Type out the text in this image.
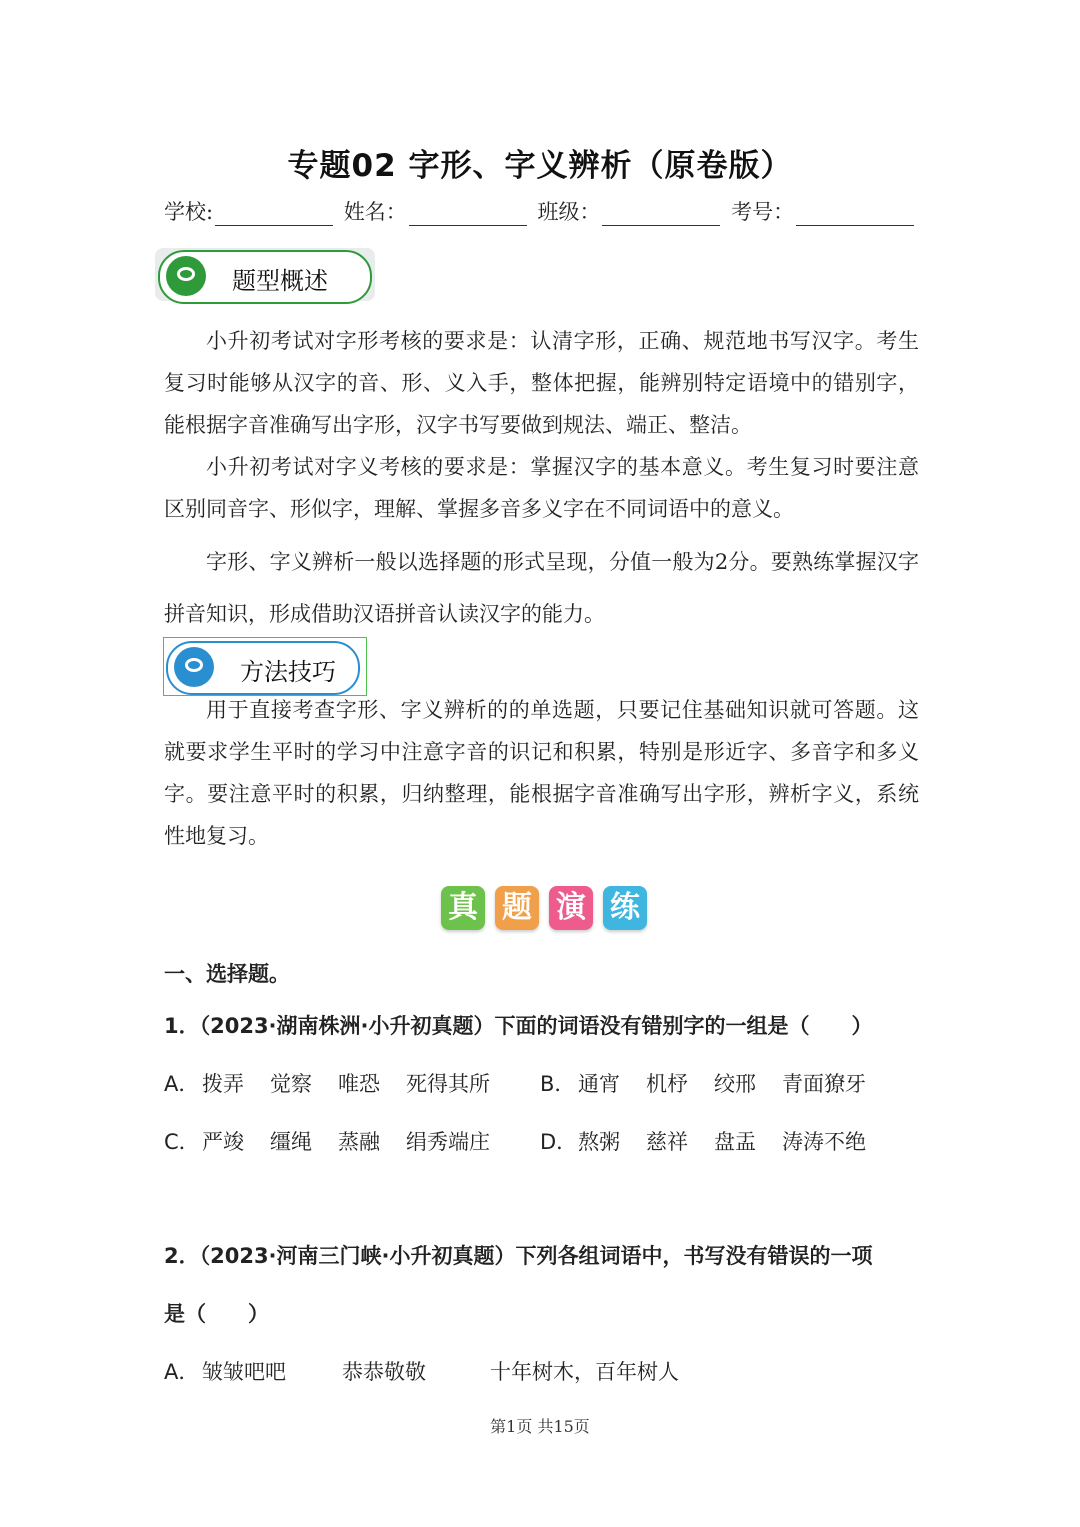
专题02 字形、字义辨析（原卷版）
学校:	姓名：	班级：	考号：
题型概述

小升初考试对字形考核的要求是：认清字形，正确、规范地书写汉字。考生复习时能够从汉字的音、形、义入手，整体把握，能辨别特定语境中的错别字，能根据字音准确写出字形，汉字书写要做到规法、端正、整洁。

小升初考试对字义考核的要求是：掌握汉字的基本意义。考生复习时要注意区别同音字、形似字，理解、掌握多音多义字在不同词语中的意义。

字形、字义辨析一般以选择题的形式呈现，分值一般为2分。要熟练掌握汉字拼音知识，形成借助汉语拼音认读汉字的能力。

方法技巧

用于直接考查字形、字义辨析的的单选题，只要记住基础知识就可答题。这就要求学生平时的学习中注意字音的识记和积累，特别是形近字、多音字和多义字。要注意平时的积累，归纳整理，能根据字音准确写出字形，辨析字义，系统性地复习。

真 题 演 练
一、选择题。
1．（2023·湖南株洲·小升初真题）下面的词语没有错别字的一组是（　　）
A． 拨弄 觉察 唯恐 死得其所	B． 通宵 机杼 绞邢 青面獠牙
C． 严竣 缰绳 蒸融 绢秀端庄	D．熬粥 慈祥 盘盂 涛涛不绝
2．（2023·河南三门峡·小升初真题）下列各组词语中，书写没有错误的一项
是（　　）
A． 皱皱吧吧	恭恭敬敬	十年树木，百年树人
第1页 共15页
